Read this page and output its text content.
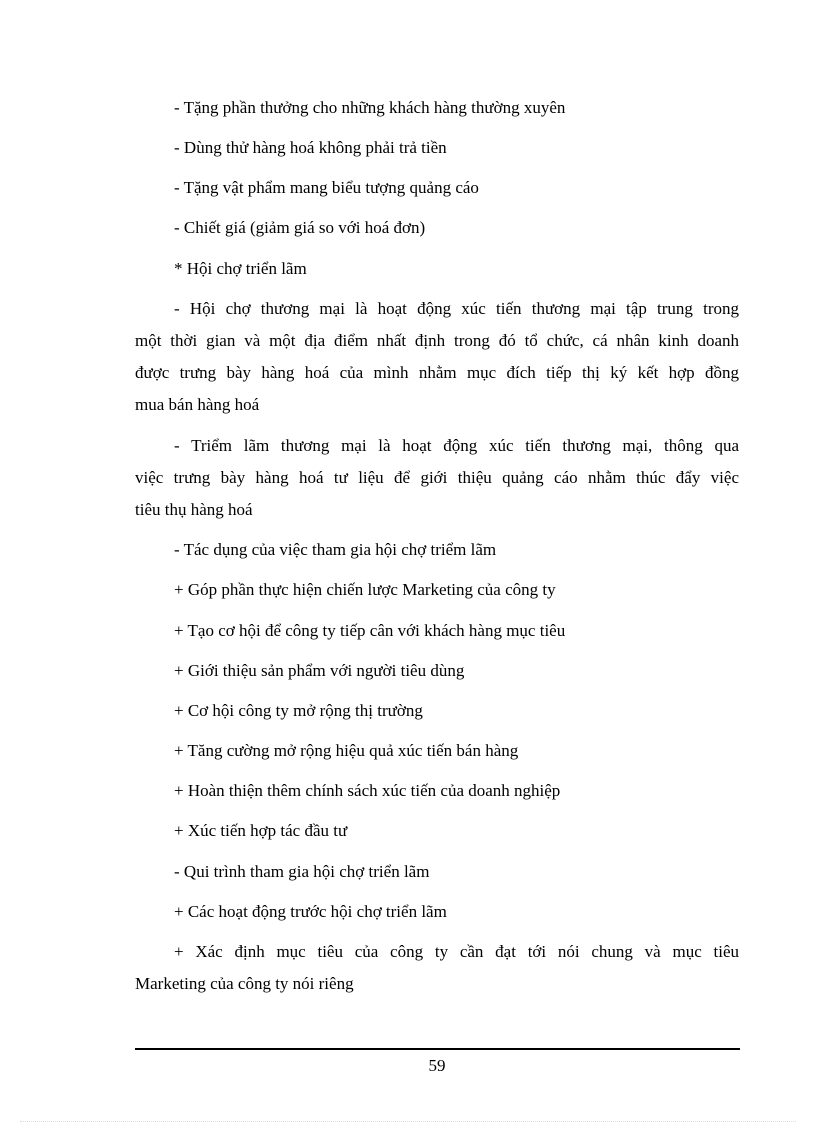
- Tặng phần thưởng cho những khách hàng thường xuyên
- Dùng thử hàng hoá không phải trả tiền
- Tặng vật phẩm mang biểu tượng quảng cáo
- Chiết giá (giảm giá so với hoá đơn)
* Hội chợ triển lãm
- Hội chợ thương mại là hoạt động xúc tiến thương mại tập trung trong
một thời gian và một địa điểm nhất định trong đó tổ chức, cá nhân kinh doanh
được trưng bày hàng hoá của mình nhằm mục đích tiếp thị ký kết hợp đồng
mua bán hàng hoá
- Triểm lãm thương mại là hoạt động xúc tiến thương mại, thông qua
việc trưng bày hàng hoá tư liệu để giới thiệu quảng cáo nhằm thúc đẩy việc
tiêu thụ hàng hoá
- Tác dụng của việc tham gia hội chợ triểm lãm
+ Góp phần thực hiện chiến lược Marketing của công ty
+ Tạo cơ hội để công ty tiếp cân với khách hàng mục tiêu
+ Giới thiệu sản phẩm với người tiêu dùng
+ Cơ hội công ty mở rộng thị trường
+ Tăng cường mở rộng hiệu quả xúc tiến bán hàng
+ Hoàn thiện thêm chính sách xúc tiến của doanh nghiệp
+ Xúc tiến hợp tác đầu tư
- Qui trình tham gia hội chợ triển lãm
+ Các hoạt động trước hội chợ triển lãm
+ Xác định mục tiêu của công ty cần đạt tới nói chung và mục tiêu
Marketing của công ty nói riêng
59
